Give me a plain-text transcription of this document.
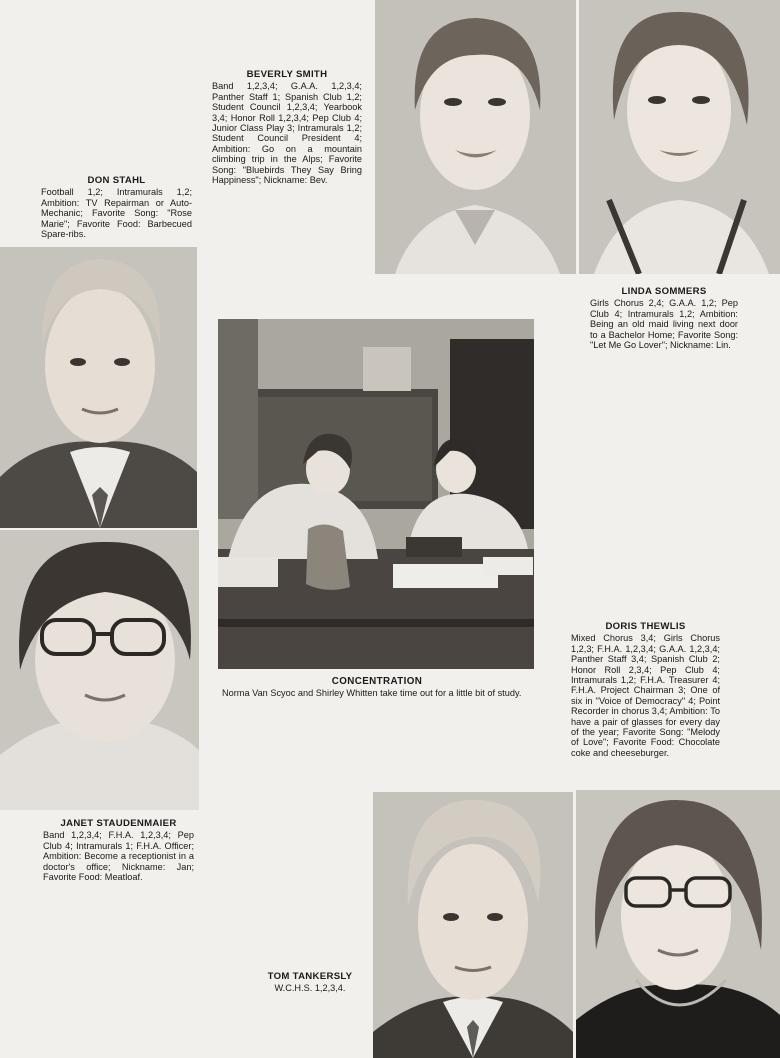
BEVERLY SMITH
Band 1,2,3,4; G.A.A. 1,2,3,4; Panther Staff 1; Spanish Club 1,2; Student Council 1,2,3,4; Yearbook 3,4; Honor Roll 1,2,3,4; Pep Club 4; Junior Class Play 3; Intramurals 1,2; Student Council President 4; Ambition: Go on a mountain climbing trip in the Alps; Favorite Song: "Bluebirds They Say Bring Happiness"; Nickname: Bev.
DON STAHL
Football 1,2; Intramurals 1,2; Ambition: TV Repairman or Auto-Mechanic; Favorite Song: "Rose Marie"; Favorite Food: Barbecued Spare-ribs.
LINDA SOMMERS
Girls Chorus 2,4; G.A.A. 1,2; Pep Club 4; Intramurals 1,2; Ambition: Being an old maid living next door to a Bachelor Home; Favorite Song: "Let Me Go Lover"; Nickname: Lin.
CONCENTRATION
Norma Van Scyoc and Shirley Whitten take time out for a little bit of study.
DORIS THEWLIS
Mixed Chorus 3,4; Girls Chorus 1,2,3; F.H.A. 1,2,3,4; G.A.A. 1,2,3,4; Panther Staff 3,4; Spanish Club 2; Honor Roll 2,3,4; Pep Club 4; Intramurals 1,2; F.H.A. Treasurer 4; F.H.A. Project Chairman 3; One of six in "Voice of Democracy" 4; Point Recorder in chorus 3,4; Ambition: To have a pair of glasses for every day of the year; Favorite Song: "Melody of Love"; Favorite Food: Chocolate coke and cheeseburger.
JANET STAUDENMAIER
Band 1,2,3,4; F.H.A. 1,2,3,4; Pep Club 4; Intramurals 1; F.H.A. Officer; Ambition: Become a receptionist in a doctor's office; Nickname: Jan; Favorite Food: Meatloaf.
TOM TANKERSLY
W.C.H.S. 1,2,3,4.
